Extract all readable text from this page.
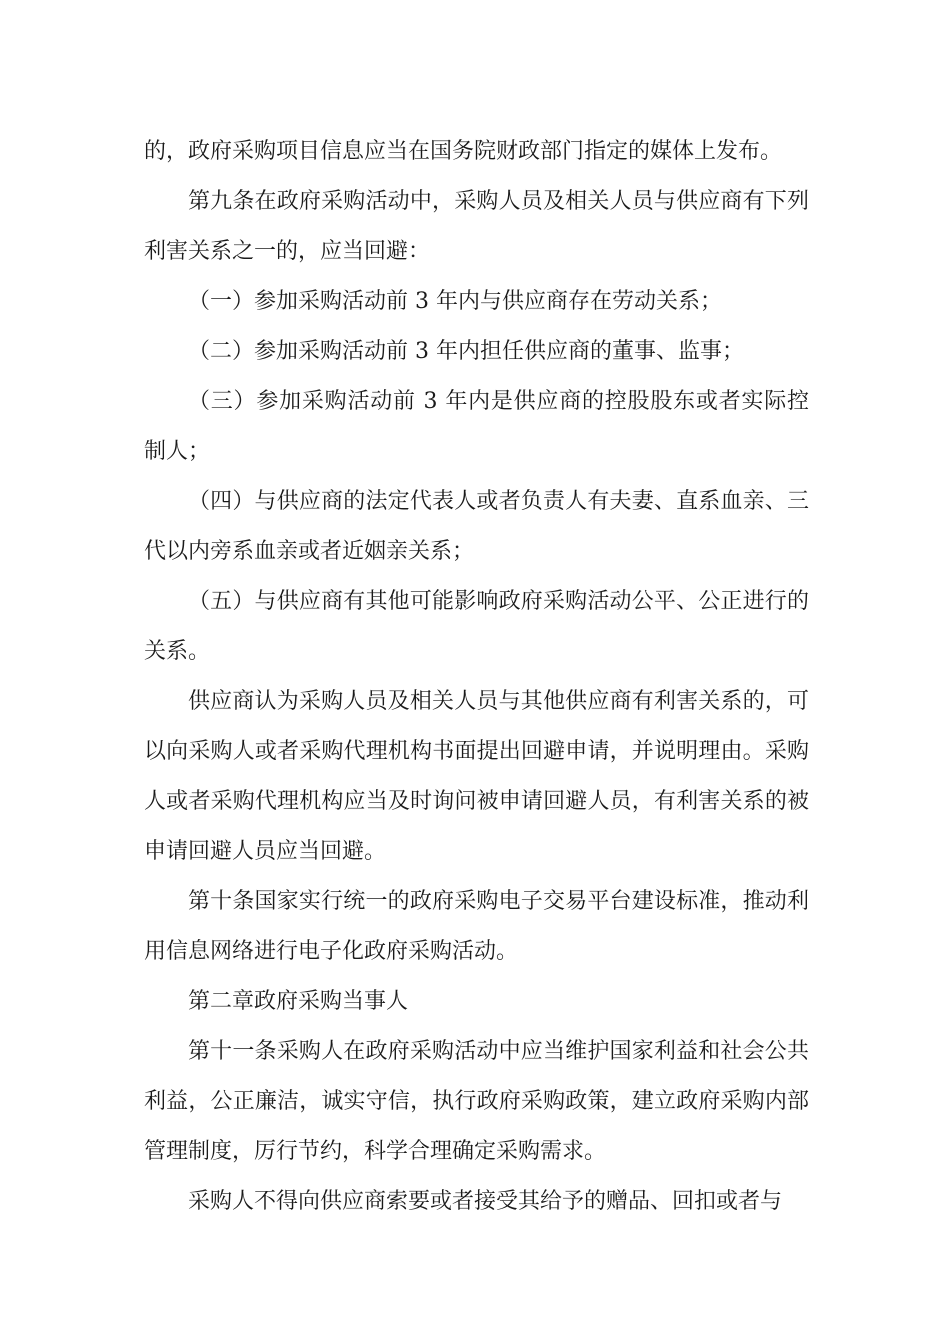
的，政府采购项目信息应当在国务院财政部门指定的媒体上发布。

第九条在政府采购活动中，采购人员及相关人员与供应商有下列利害关系之一的，应当回避：

（一）参加采购活动前 3 年内与供应商存在劳动关系；

（二）参加采购活动前 3 年内担任供应商的董事、监事；

（三）参加采购活动前 3 年内是供应商的控股股东或者实际控制人；

（四）与供应商的法定代表人或者负责人有夫妻、直系血亲、三代以内旁系血亲或者近姻亲关系；

（五）与供应商有其他可能影响政府采购活动公平、公正进行的关系。

供应商认为采购人员及相关人员与其他供应商有利害关系的，可以向采购人或者采购代理机构书面提出回避申请，并说明理由。采购人或者采购代理机构应当及时询问被申请回避人员，有利害关系的被申请回避人员应当回避。

第十条国家实行统一的政府采购电子交易平台建设标准，推动利用信息网络进行电子化政府采购活动。

第二章政府采购当事人

第十一条采购人在政府采购活动中应当维护国家利益和社会公共利益，公正廉洁，诚实守信，执行政府采购政策，建立政府采购内部管理制度，厉行节约，科学合理确定采购需求。

采购人不得向供应商索要或者接受其给予的赠品、回扣或者与
